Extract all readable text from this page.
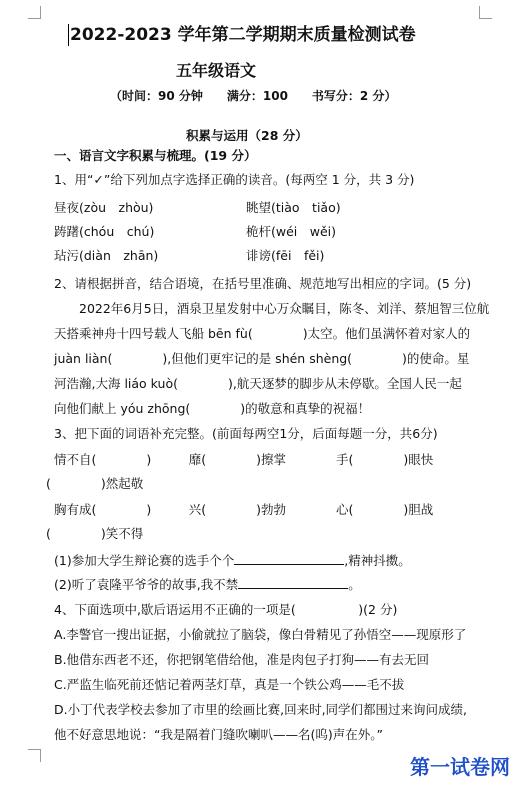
2022-2023 学年第二学期期末质量检测试卷
五年级语文
（时间：90 分钟　　满分：100　　书写分：2 分）
积累与运用（28 分）
一、语言文字积累与梳理。(19 分）
1、用“✓”给下列加点字选择正确的读音。(每两空 1 分，共 3 分)
昼夜(zòu　zhòu)	眺望(tiào　tiǎo)
踌躇(chóu　chú)	桅杆(wéi　wěi)
玷污(diàn　zhān)	诽谤(fēi　fěi)
2、请根据拼音，结合语境，在括号里准确、规范地写出相应的字词。(5 分)
　　2022年6月5日，酒泉卫星发射中心万众瞩目，陈冬、刘洋、蔡旭智三位航
天搭乘神舟十四号载人飞船 bēn fù(　　　　)太空。他们虽满怀着对家人的
juàn liàn(　　　　),但他们更牢记的是 shén shèng(　　　　)的使命。星
河浩瀚,大海 liáo kuò(　　　　),航天逐梦的脚步从未停歇。全国人民一起
向他们献上 yóu zhōng(　　　　)的敬意和真挚的祝福！
3、把下面的词语补充完整。(前面每两空1分，后面每题一分，共6分)
情不自(　　　　)　　　靡(　　　　)擦掌　　　　手(　　　　)眼快
(　　　　)然起敬
胸有成(　　　　)　　　兴(　　　　)勃勃　　　　心(　　　　)胆战
(　　　　)笑不得
(1)参加大学生辩论赛的选手个个	,精神抖擞。
(2)听了袁隆平爷爷的故事,我不禁	。
4、下面选项中,歇后语运用不正确的一项是(　　　　　)(2 分)
A.李警官一搜出证据，小偷就拉了脑袋，像白骨精见了孙悟空——现原形了
B.他借东西老不还，你把钢笔借给他，准是肉包子打狗——有去无回
C.严监生临死前还惦记着两茎灯草，真是一个铁公鸡——毛不拔
D.小丁代表学校去参加了市里的绘画比赛,回来时,同学们都围过来询问成绩,
他不好意思地说：“我是隔着门缝吹喇叭——名(呜)声在外。”
第一试卷网
